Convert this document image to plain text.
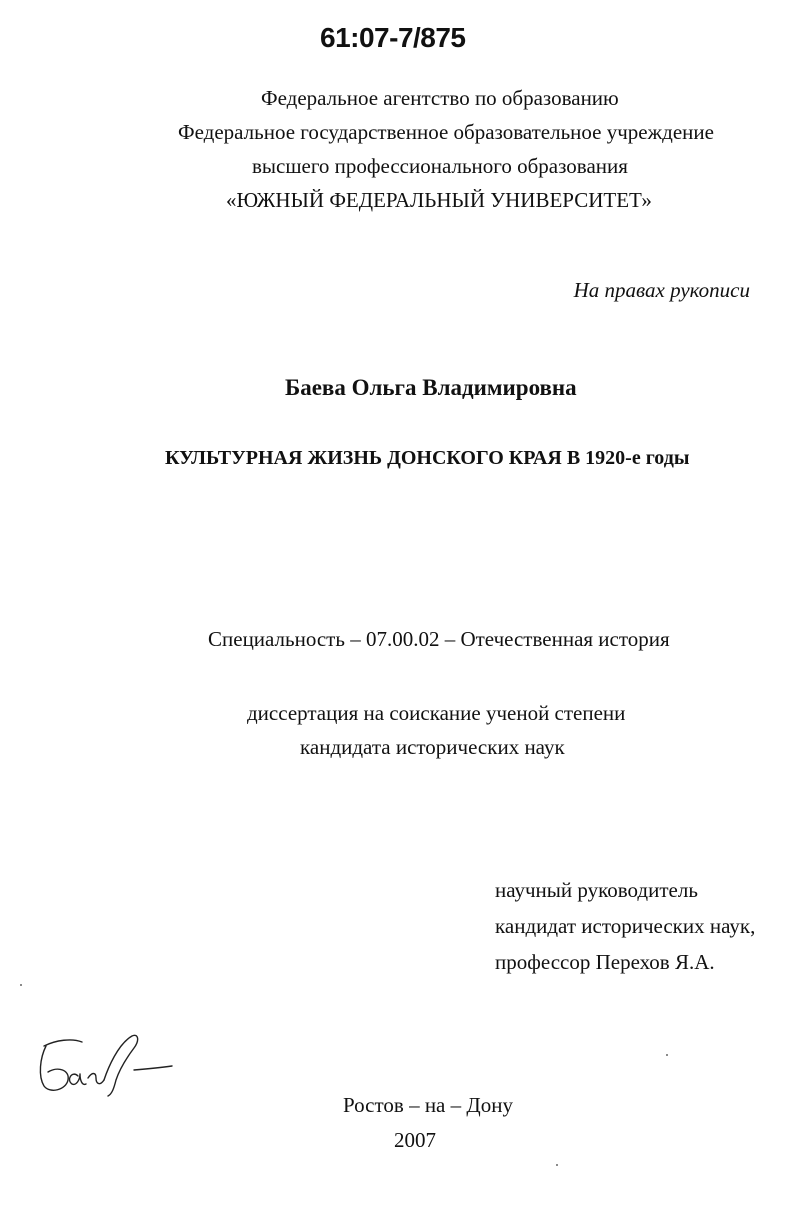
61:07-7/875
Федеральное агентство по образованию
Федеральное государственное образовательное учреждение
высшего профессионального образования
«ЮЖНЫЙ ФЕДЕРАЛЬНЫЙ УНИВЕРСИТЕТ»
На правах рукописи
Баева Ольга Владимировна
КУЛЬТУРНАЯ ЖИЗНЬ ДОНСКОГО КРАЯ В 1920-е годы
Специальность – 07.00.02 – Отечественная история
диссертация на соискание ученой степени
кандидата исторических наук
научный руководитель
кандидат исторических наук,
профессор Перехов Я.А.
Ростов – на – Дону
2007
